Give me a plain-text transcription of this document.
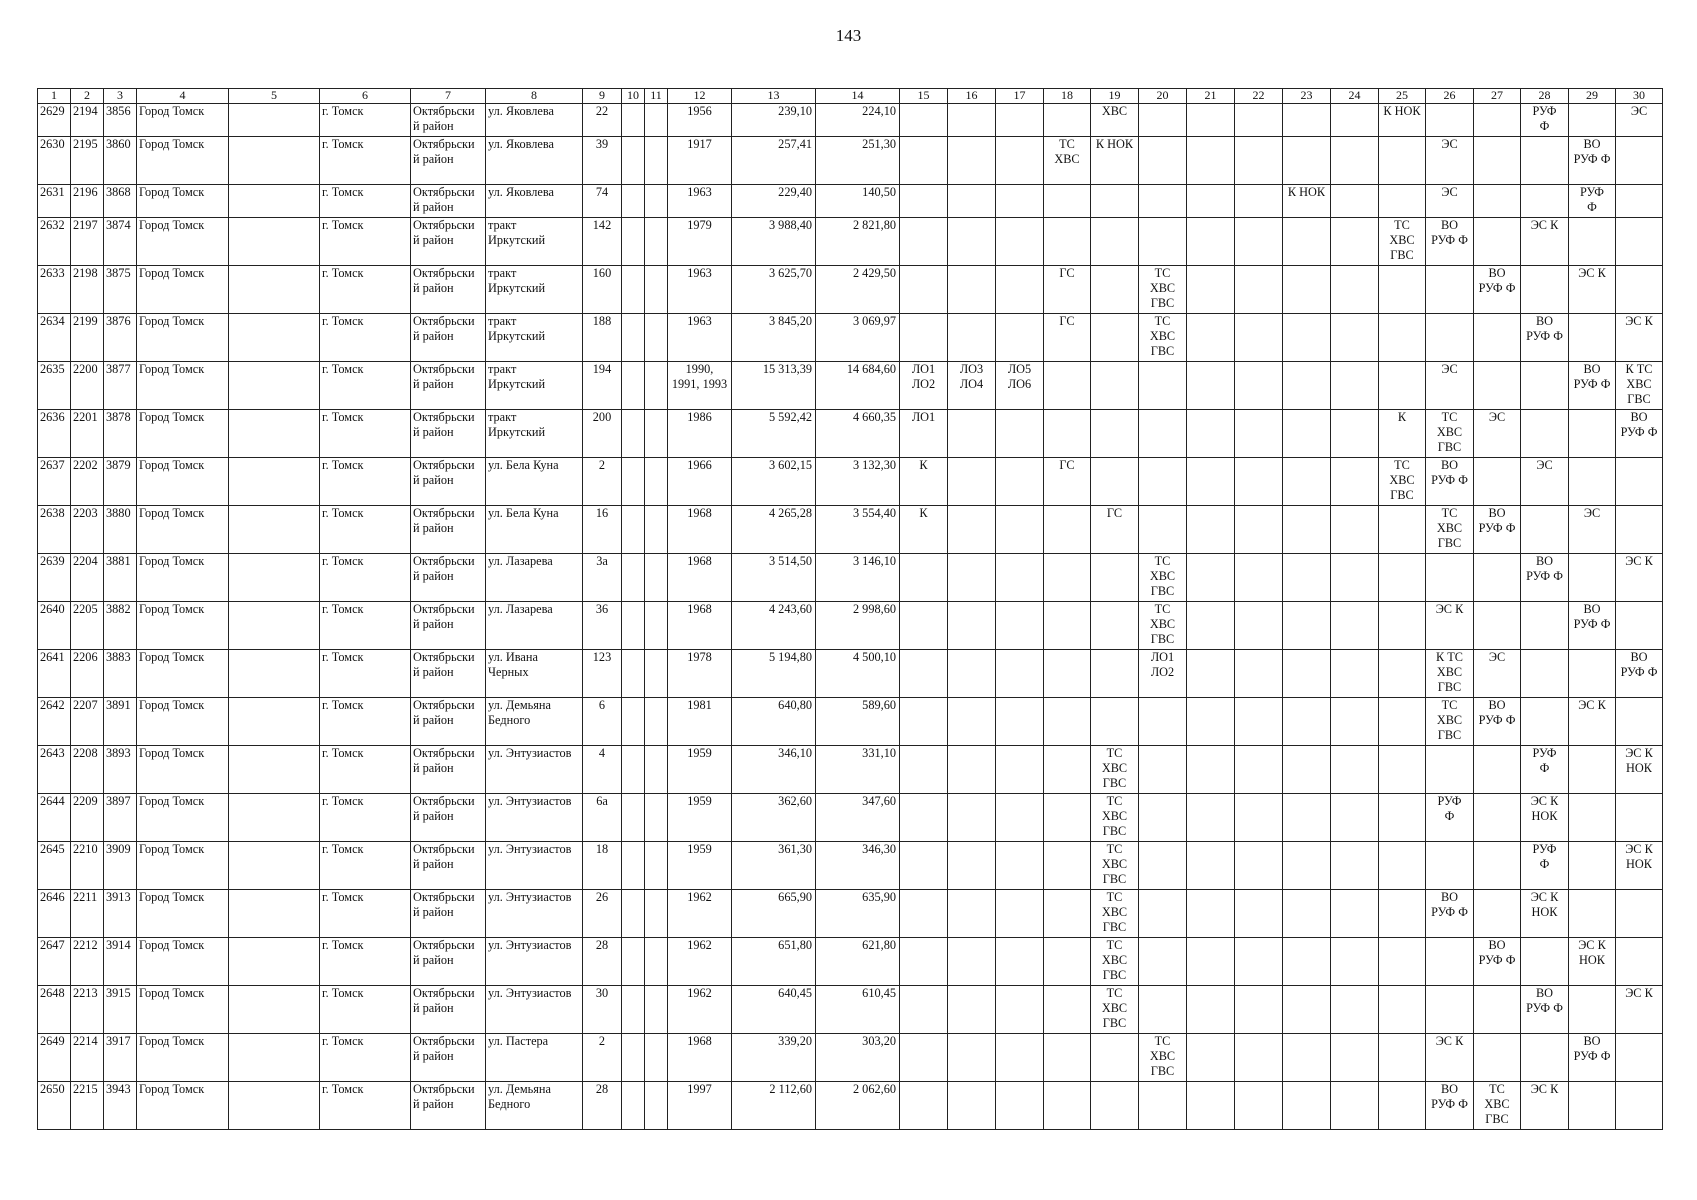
143
1	2	3	4	5	6	7	8	9	10	11	12	13	14	15	16	17	18	19	20	21	22	23	24	25	26	27	28	29	30
2629	2194	3856	Город Томск		г. Томск	Октябрьски
й район	ул. Яковлева	22			1956	239,10	224,10					ХВС						К НОК			РУФ
Ф		ЭС
2630	2195	3860	Город Томск		г. Томск	Октябрьски
й район	ул. Яковлева	39			1917	257,41	251,30				ТС
ХВС	К НОК							ЭС			ВО
РУФ Ф	
2631	2196	3868	Город Томск		г. Томск	Октябрьски
й район	ул. Яковлева	74			1963	229,40	140,50									К НОК			ЭС			РУФ
Ф	
2632	2197	3874	Город Томск		г. Томск	Октябрьски
й район	тракт
Иркутский	142			1979	3 988,40	2 821,80											ТС
ХВС
ГВС	ВО
РУФ Ф		ЭС К		
2633	2198	3875	Город Томск		г. Томск	Октябрьски
й район	тракт
Иркутский	160			1963	3 625,70	2 429,50				ГС		ТС
ХВС
ГВС							ВО
РУФ Ф		ЭС К	
2634	2199	3876	Город Томск		г. Томск	Октябрьски
й район	тракт
Иркутский	188			1963	3 845,20	3 069,97				ГС		ТС
ХВС
ГВС								ВО
РУФ Ф		ЭС К
2635	2200	3877	Город Томск		г. Томск	Октябрьски
й район	тракт
Иркутский	194			1990,
1991, 1993	15 313,39	14 684,60	ЛО1
ЛО2	ЛО3
ЛО4	ЛО5
ЛО6									ЭС			ВО
РУФ Ф	К ТС
ХВС
ГВС
2636	2201	3878	Город Томск		г. Томск	Октябрьски
й район	тракт
Иркутский	200			1986	5 592,42	4 660,35	ЛО1										К	ТС
ХВС
ГВС	ЭС			ВО
РУФ Ф
2637	2202	3879	Город Томск		г. Томск	Октябрьски
й район	ул. Бела Куна	2			1966	3 602,15	3 132,30	К			ГС							ТС
ХВС
ГВС	ВО
РУФ Ф		ЭС		
2638	2203	3880	Город Томск		г. Томск	Октябрьски
й район	ул. Бела Куна	16			1968	4 265,28	3 554,40	К				ГС							ТС
ХВС
ГВС	ВО
РУФ Ф		ЭС	
2639	2204	3881	Город Томск		г. Томск	Октябрьски
й район	ул. Лазарева	3а			1968	3 514,50	3 146,10						ТС
ХВС
ГВС								ВО
РУФ Ф		ЭС К
2640	2205	3882	Город Томск		г. Томск	Октябрьски
й район	ул. Лазарева	36			1968	4 243,60	2 998,60						ТС
ХВС
ГВС						ЭС К			ВО
РУФ Ф	
2641	2206	3883	Город Томск		г. Томск	Октябрьски
й район	ул. Ивана
Черных	123			1978	5 194,80	4 500,10						ЛО1
ЛО2						К ТС
ХВС
ГВС	ЭС			ВО
РУФ Ф
2642	2207	3891	Город Томск		г. Томск	Октябрьски
й район	ул. Демьяна
Бедного	6			1981	640,80	589,60												ТС
ХВС
ГВС	ВО
РУФ Ф		ЭС К	
2643	2208	3893	Город Томск		г. Томск	Октябрьски
й район	ул. Энтузиастов	4			1959	346,10	331,10					ТС
ХВС
ГВС									РУФ
Ф		ЭС К
НОК
2644	2209	3897	Город Томск		г. Томск	Октябрьски
й район	ул. Энтузиастов	6а			1959	362,60	347,60					ТС
ХВС
ГВС							РУФ
Ф		ЭС К
НОК		
2645	2210	3909	Город Томск		г. Томск	Октябрьски
й район	ул. Энтузиастов	18			1959	361,30	346,30					ТС
ХВС
ГВС									РУФ
Ф		ЭС К
НОК
2646	2211	3913	Город Томск		г. Томск	Октябрьски
й район	ул. Энтузиастов	26			1962	665,90	635,90					ТС
ХВС
ГВС							ВО
РУФ Ф		ЭС К
НОК		
2647	2212	3914	Город Томск		г. Томск	Октябрьски
й район	ул. Энтузиастов	28			1962	651,80	621,80					ТС
ХВС
ГВС								ВО
РУФ Ф		ЭС К
НОК	
2648	2213	3915	Город Томск		г. Томск	Октябрьски
й район	ул. Энтузиастов	30			1962	640,45	610,45					ТС
ХВС
ГВС									ВО
РУФ Ф		ЭС К
2649	2214	3917	Город Томск		г. Томск	Октябрьски
й район	ул. Пастера	2			1968	339,20	303,20						ТС
ХВС
ГВС						ЭС К			ВО
РУФ Ф	
2650	2215	3943	Город Томск		г. Томск	Октябрьски
й район	ул. Демьяна
Бедного	28			1997	2 112,60	2 062,60												ВО
РУФ Ф	ТС
ХВС
ГВС	ЭС К		
